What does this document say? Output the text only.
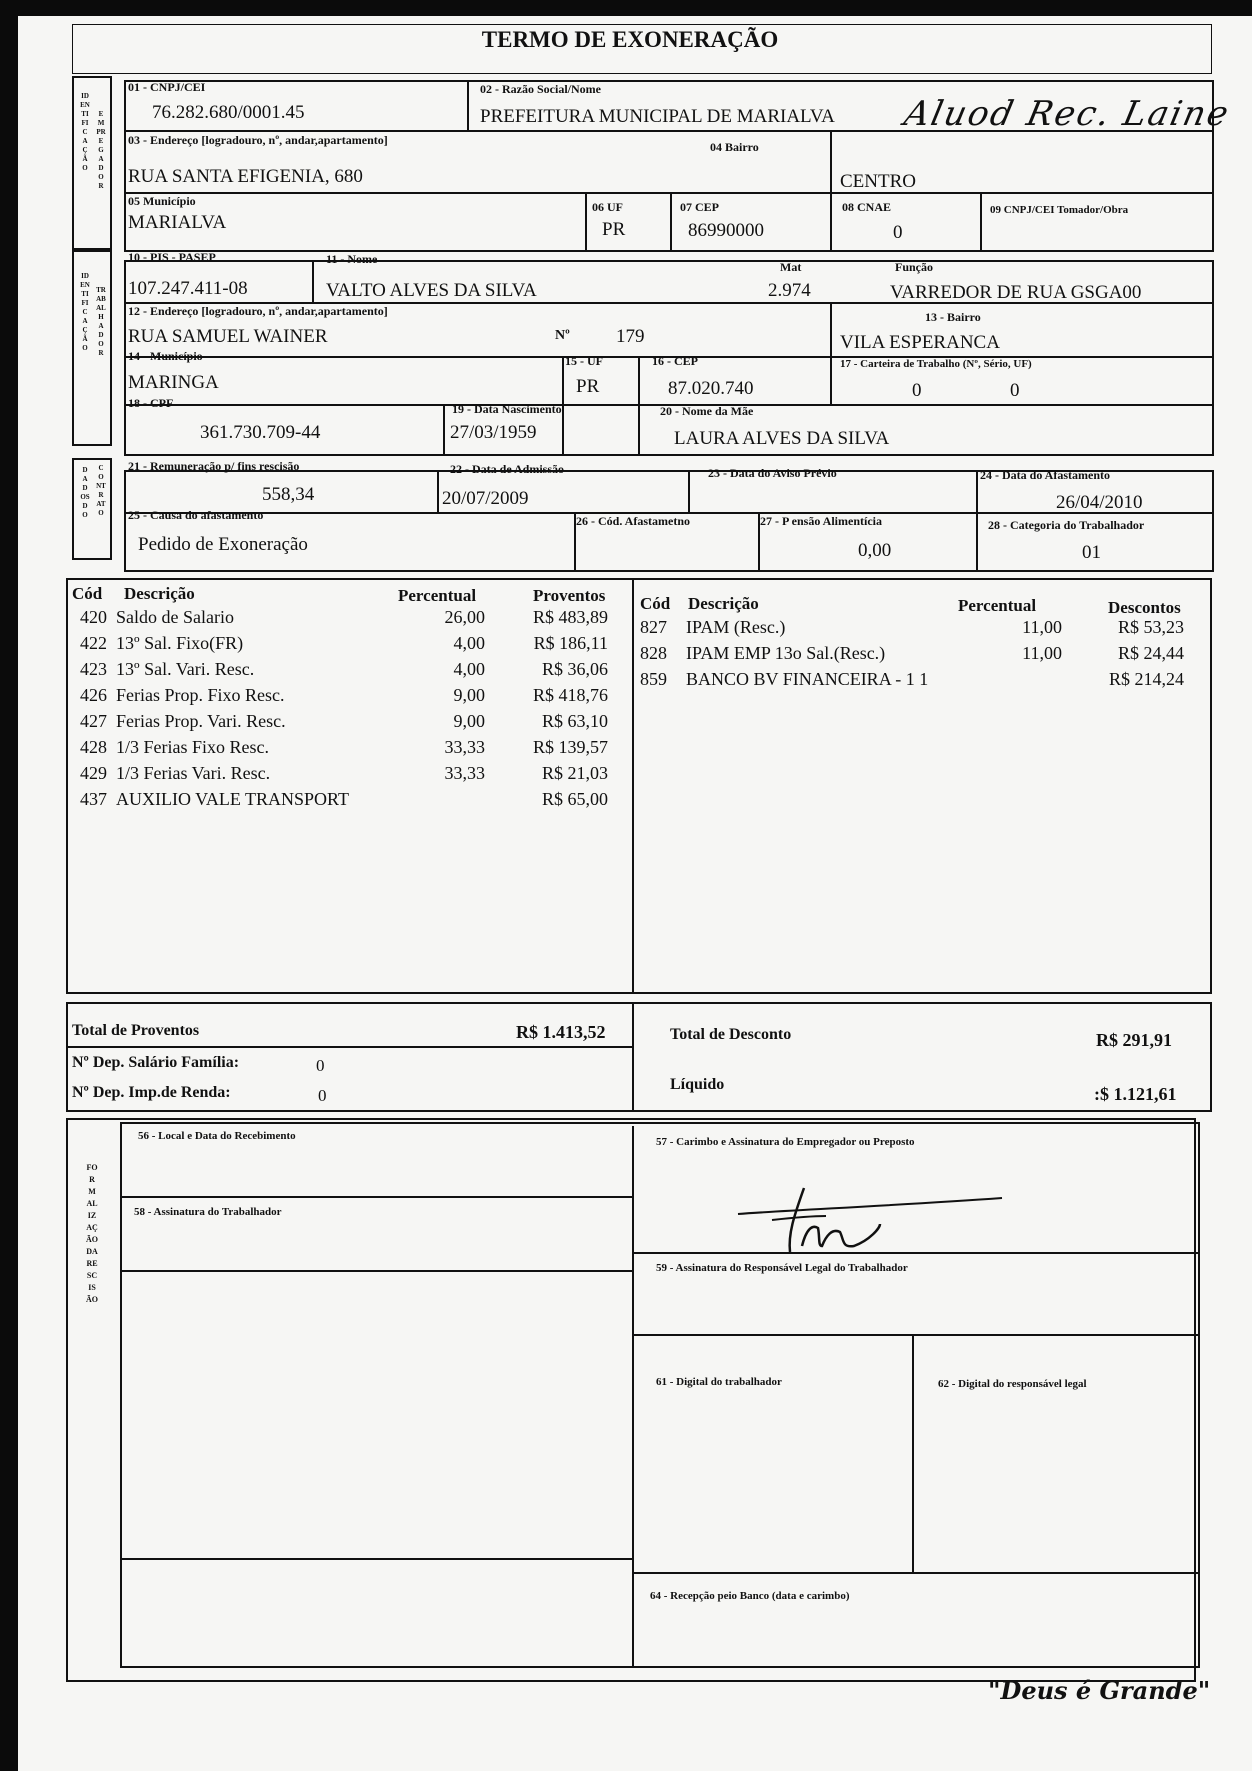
TERMO DE EXONERAÇÃO
IDENTIFICAÇÃO
EMPREGADOR
01 - CNPJ/CEI
76.282.680/0001.45
02 - Razão Social/Nome
PREFEITURA MUNICIPAL DE MARIALVA Aluod Rec. Laine
03 - Endereço [logradouro, nº, andar,apartamento]
RUA SANTA EFIGENIA, 680
04 Bairro
CENTRO
05 Município
MARIALVA
06 UF
PR
07 CEP
86990000
08 CNAE
0
09 CNPJ/CEI Tomador/Obra
IDENTIFICAÇÃO
TRABALHADOR
10 - PIS - PASEP
107.247.411-08
11 - Nome
VALTO ALVES DA SILVA
Mat
2.974
Função
VARREDOR DE RUA GSGA00
12 - Endereço [logradouro, nº, andar,apartamento]
RUA SAMUEL WAINER	Nº 179
13 - Bairro
VILA ESPERANCA
14 - Município
MARINGA
15 - UF
PR
16 - CEP
87.020.740
17 - Carteira de Trabalho (Nº, Sério, UF)
0	0
18 - CPF
361.730.709-44
19 - Data Nascimento
27/03/1959
20 - Nome da Mãe
LAURA ALVES DA SILVA
DADOS DO
CONTRATO
21 - Remuneração p/ fins rescisão
558,34
22 - Data de Admissão
20/07/2009
23 - Data do Aviso Prévio	24 - Data do Afastamento
26/04/2010
25 - Causa do afastamento
Pedido de Exoneração
26 - Cód. Afastametno	27 - P ensão Alimentícia
0,00
28 - Categoria do Trabalhador
01
Cód Descrição	Percentual	Proventos
420 Saldo de Salario	26,00	R$ 483,89
422 13º Sal. Fixo(FR)	4,00	R$ 186,11
423 13º Sal. Vari. Resc.	4,00	R$ 36,06
426 Ferias Prop. Fixo Resc.	9,00	R$ 418,76
427 Ferias Prop. Vari. Resc.	9,00	R$ 63,10
428 1/3 Ferias Fixo Resc.	33,33	R$ 139,57
429 1/3 Ferias Vari. Resc.	33,33	R$ 21,03
437 AUXILIO VALE TRANSPORT	R$ 65,00
Cód Descrição	Percentual	Descontos
827 IPAM (Resc.)	11,00	R$ 53,23
828 IPAM EMP 13o Sal.(Resc.)	11,00	R$ 24,44
859 BANCO BV FINANCEIRA - 1 1	R$ 214,24
Total de Proventos	R$ 1.413,52	Total de Desconto	R$ 291,91
Nº Dep. Salário Família:	0
Nº Dep. Imp.de Renda:	0
Líquido	:$ 1.121,61
FORMALIZAÇÃO DA RESCISÃO
56 - Local e Data do Recebimento	57 - Carimbo e Assinatura do Empregador ou Preposto
58 - Assinatura do Trabalhador
59 - Assinatura do Responsável Legal do Trabalhador
61 - Digital do trabalhador	62 - Digital do responsável legal
64 - Recepção peio Banco (data e carimbo)
"Deus é Grande"
